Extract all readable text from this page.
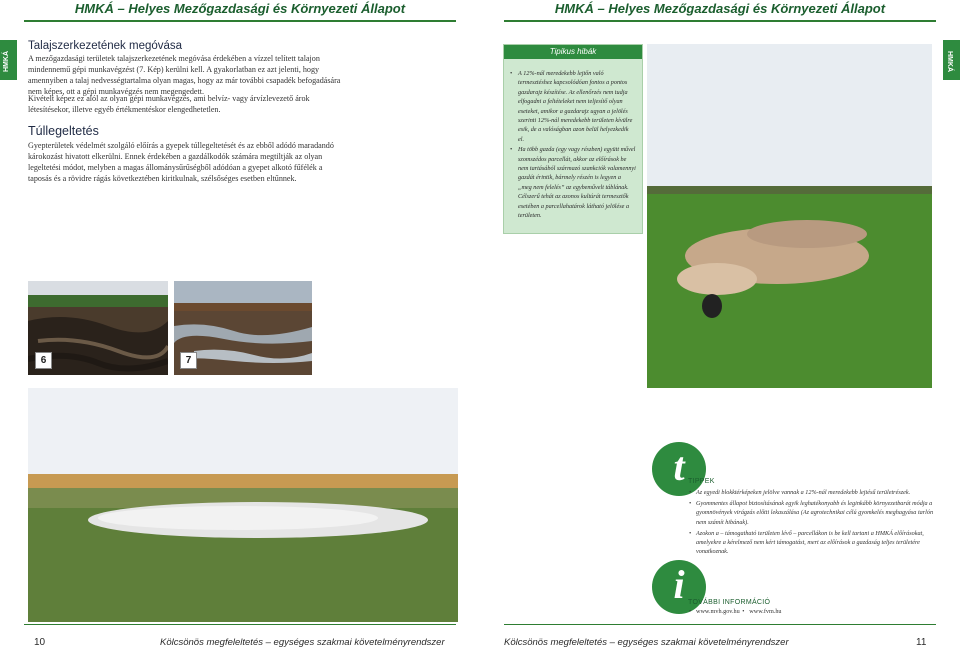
HMKÁ – Helyes Mezőgazdasági és Környezeti Állapot	HMKÁ – Helyes Mezőgazdasági és Környezeti Állapot
HMKÁ	HMKÁ
Talajszerkezetének megóvása
A mezőgazdasági területek talajszerkezetének megóvása érdekében a vízzel telített talajon mindennemű gépi munkavégzést (7. Kép) kerülni kell. A gyakorlatban ez azt jelenti, hogy amennyiben a talaj nedvességtartalma olyan magas, hogy az már további csapadék befogadására nem képes, ott a gépi munkavégzés nem megengedett.
Kivételt képez ez alól az olyan gépi munkavégzés, ami belvíz- vagy árvízlevezető árok létesítésekor, illetve egyéb értékmentéskor elengedhetetlen.
Túllegeltetés
Gyepterületek védelmét szolgáló előírás a gyepek túllegeltetését és az ebből adódó maradandó károkozást hivatott elkerülni. Ennek érdekében a gazdálkodók számára megtiltják az olyan legeltetési módot, melyben a magas állománysűrűségből adódóan a gyepet alkotó fűfélék a taposás és a rövidre rágás következtében kiritkulnak, szélsőséges esetben eltűnnek.
6	7
Tipikus hibák
• A 12%-nál meredekebb lejtőn való termesztéshez kapcsolódóan fontos a pontos gazdarajz készítése. Az ellenőrzés nem tudja elfogadni a feltételeket nem teljesítő olyan eseteket, amikor a gazdarajz ugyan a jelölés szerinti 12%-nál meredekebb területen kívülre esik, de a valóságban azon belül helyezkedik el.
• Ha több gazda (egy vagy részben) együtt művel szomszédos parcellát, akkor az előírások be nem tartásából származó szankciók valamennyi gazdát érintik, bármely részén is legyen a „meg nem felelés” az egybeművelt táblának. Célszerű tehát az azonos kultúrát termesztők esetében a parcellahatárok látható jelölése a területen.
t TIPPEK
• Az egyedi blokktérképeken jelölve vannak a 12%-nál meredekebb lejtésű területrészek.
• Gyommentes állapot biztosításának egyik leghatékonyabb és leginkább környezetbarát módja a gyomnövények virágzás előtti lekaszálása (Az agrotechnikai célú gyomkelés meghagyása tarlón nem számít hibának).
• Azokon a – támogatható területen lévő – parcellákon is be kell tartani a HMKÁ előírásokat, amelyekre a kérelmező nem kért támogatást, mert az előírások a gazdaság teljes területére vonatkoznak.
i TOVÁBBI INFORMÁCIÓ
• www.mvh.gov.hu • www.fvm.hu
10	Kölcsönös megfeleltetés – egységes szakmai követelményrendszer	Kölcsönös megfeleltetés – egységes szakmai követelményrendszer	11
